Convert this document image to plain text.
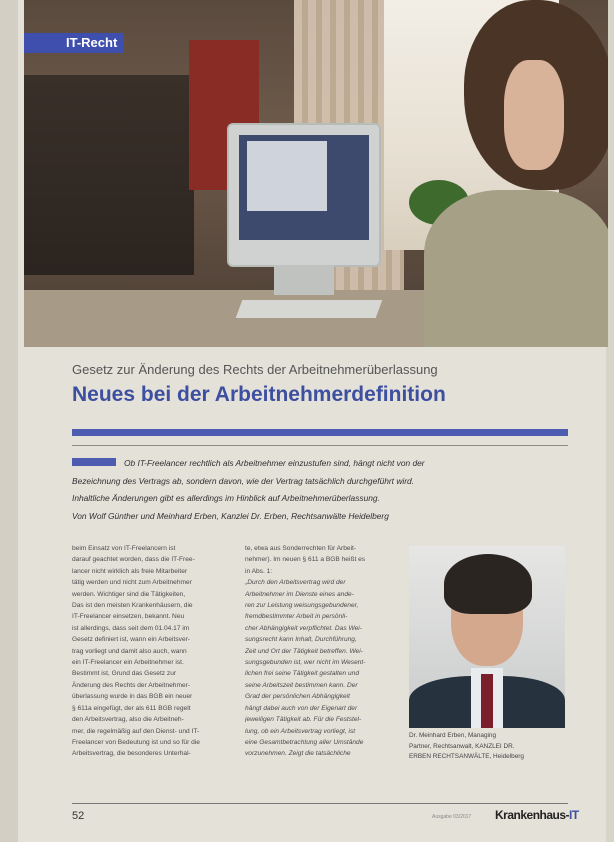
IT-Recht
Gesetz zur Änderung des Rechts der Arbeitnehmerüberlassung
Neues bei der Arbeitnehmerdefinition
Ob IT-Freelancer rechtlich als Arbeitnehmer einzustufen sind, hängt nicht von der
Bezeichnung des Vertrags ab, sondern davon, wie der Vertrag tatsächlich durchgeführt wird.
Inhaltliche Änderungen gibt es allerdings im Hinblick auf Arbeitnehmerüberlassung.
Von Wolf Günther und Meinhard Erben, Kanzlei Dr. Erben, Rechtsanwälte Heidelberg
beim Einsatz von IT-Freelancern ist
darauf geachtet worden, dass die IT-Free-
lancer nicht wirklich als freie Mitarbeiter
tätig werden und nicht zum Arbeitnehmer
werden. Wichtiger sind die Tätigkeiten,
Das ist den meisten Krankenhäusern, die
IT-Freelancer einsetzen, bekannt. Neu
ist allerdings, dass seit dem 01.04.17 im
Gesetz definiert ist, wann ein Arbeitsver-
trag vorliegt und damit also auch, wann
ein IT-Freelancer ein Arbeitnehmer ist.
Bestimmt ist, Grund das Gesetz zur
Änderung des Rechts der Arbeitnehmer-
überlassung wurde in das BGB ein neuer
§ 611a eingefügt, der als 611 BGB regelt
den Arbeitsvertrag, also die Arbeitneh-
mer, die regelmäßig auf den Dienst- und IT-
Freelancer von Bedeutung ist und so für die
Arbeitsvertrag, die besonderes Unterhal-
te, etwa aus Sonderrechten für Arbeit-
nehmer). Im neuen § 611 a BGB heißt es
in Abs. 1:
„Durch den Arbeitsvertrag wird der
Arbeitnehmer im Dienste eines ande-
ren zur Leistung weisungsgebundener,
fremdbestimmter Arbeit in persönli-
cher Abhängigkeit verpflichtet. Das Wei-
sungsrecht kann Inhalt, Durchführung,
Zeit und Ort der Tätigkeit betreffen. Wei-
sungsgebunden ist, wer nicht im Wesent-
lichen frei seine Tätigkeit gestalten und
seine Arbeitszeit bestimmen kann. Der
Grad der persönlichen Abhängigkeit
hängt dabei auch von der Eigenart der
jeweiligen Tätigkeit ab. Für die Feststel-
lung, ob ein Arbeitsvertrag vorliegt, ist
eine Gesamtbetrachtung aller Umstände
vorzunehmen. Zeigt die tatsächliche
Dr. Meinhard Erben, Managing
Partner, Rechtsanwalt, KANZLEI DR.
ERBEN RECHTSANWÄLTE, Heidelberg
52	Ausgabe 03/2017 Krankenhaus-IT
